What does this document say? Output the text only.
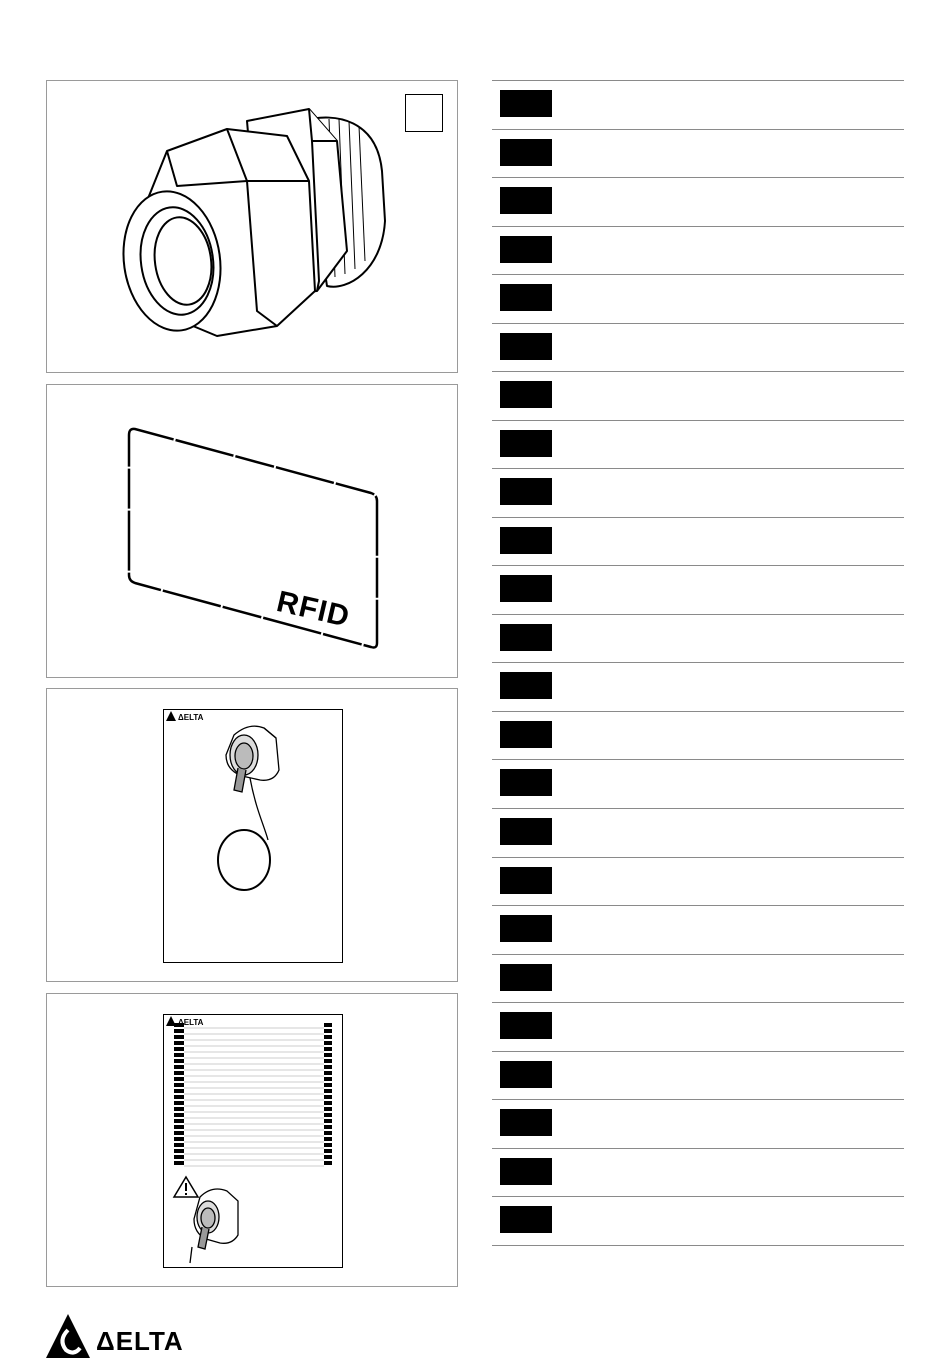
RFID
ΔELTA
ΔELTA
ΔELTA
